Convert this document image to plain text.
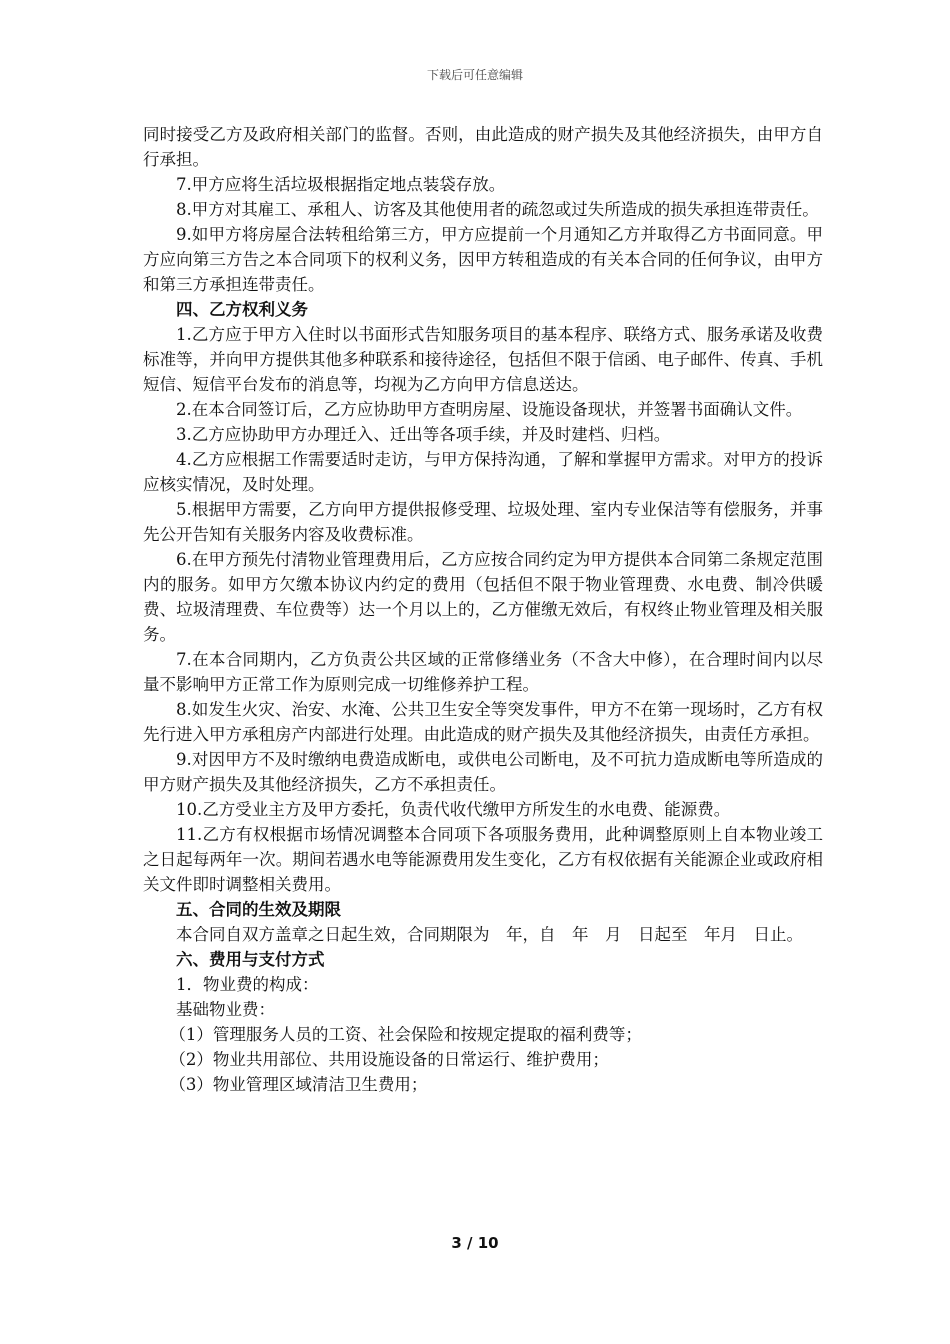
下载后可任意编辑

同时接受乙方及政府相关部门的监督。否则，由此造成的财产损失及其他经济损失，由甲方自行承担。

7.甲方应将生活垃圾根据指定地点装袋存放。

8.甲方对其雇工、承租人、访客及其他使用者的疏忽或过失所造成的损失承担连带责任。

9.如甲方将房屋合法转租给第三方，甲方应提前一个月通知乙方并取得乙方书面同意。甲方应向第三方告之本合同项下的权利义务，因甲方转租造成的有关本合同的任何争议，由甲方和第三方承担连带责任。

四、乙方权利义务

1.乙方应于甲方入住时以书面形式告知服务项目的基本程序、联络方式、服务承诺及收费标准等，并向甲方提供其他多种联系和接待途径，包括但不限于信函、电子邮件、传真、手机短信、短信平台发布的消息等，均视为乙方向甲方信息送达。

2.在本合同签订后，乙方应协助甲方查明房屋、设施设备现状，并签署书面确认文件。

3.乙方应协助甲方办理迁入、迁出等各项手续，并及时建档、归档。

4.乙方应根据工作需要适时走访，与甲方保持沟通，了解和掌握甲方需求。对甲方的投诉应核实情况，及时处理。

5.根据甲方需要，乙方向甲方提供报修受理、垃圾处理、室内专业保洁等有偿服务，并事先公开告知有关服务内容及收费标准。

6.在甲方预先付清物业管理费用后，乙方应按合同约定为甲方提供本合同第二条规定范围内的服务。如甲方欠缴本协议内约定的费用（包括但不限于物业管理费、水电费、制冷供暖费、垃圾清理费、车位费等）达一个月以上的，乙方催缴无效后，有权终止物业管理及相关服务。

7.在本合同期内，乙方负责公共区域的正常修缮业务（不含大中修），在合理时间内以尽量不影响甲方正常工作为原则完成一切维修养护工程。

8.如发生火灾、治安、水淹、公共卫生安全等突发事件，甲方不在第一现场时，乙方有权先行进入甲方承租房产内部进行处理。由此造成的财产损失及其他经济损失，由责任方承担。

9.对因甲方不及时缴纳电费造成断电，或供电公司断电，及不可抗力造成断电等所造成的甲方财产损失及其他经济损失，乙方不承担责任。

10.乙方受业主方及甲方委托，负责代收代缴甲方所发生的水电费、能源费。

11.乙方有权根据市场情况调整本合同项下各项服务费用，此种调整原则上自本物业竣工之日起每两年一次。期间若遇水电等能源费用发生变化，乙方有权依据有关能源企业或政府相关文件即时调整相关费用。

五、合同的生效及期限

本合同自双方盖章之日起生效，合同期限为　年，自　年　月　日起至　年月　日止。

六、费用与支付方式

1．物业费的构成：

基础物业费：

（1）管理服务人员的工资、社会保险和按规定提取的福利费等；

（2）物业共用部位、共用设施设备的日常运行、维护费用；

（3）物业管理区域清洁卫生费用；

3 / 10
